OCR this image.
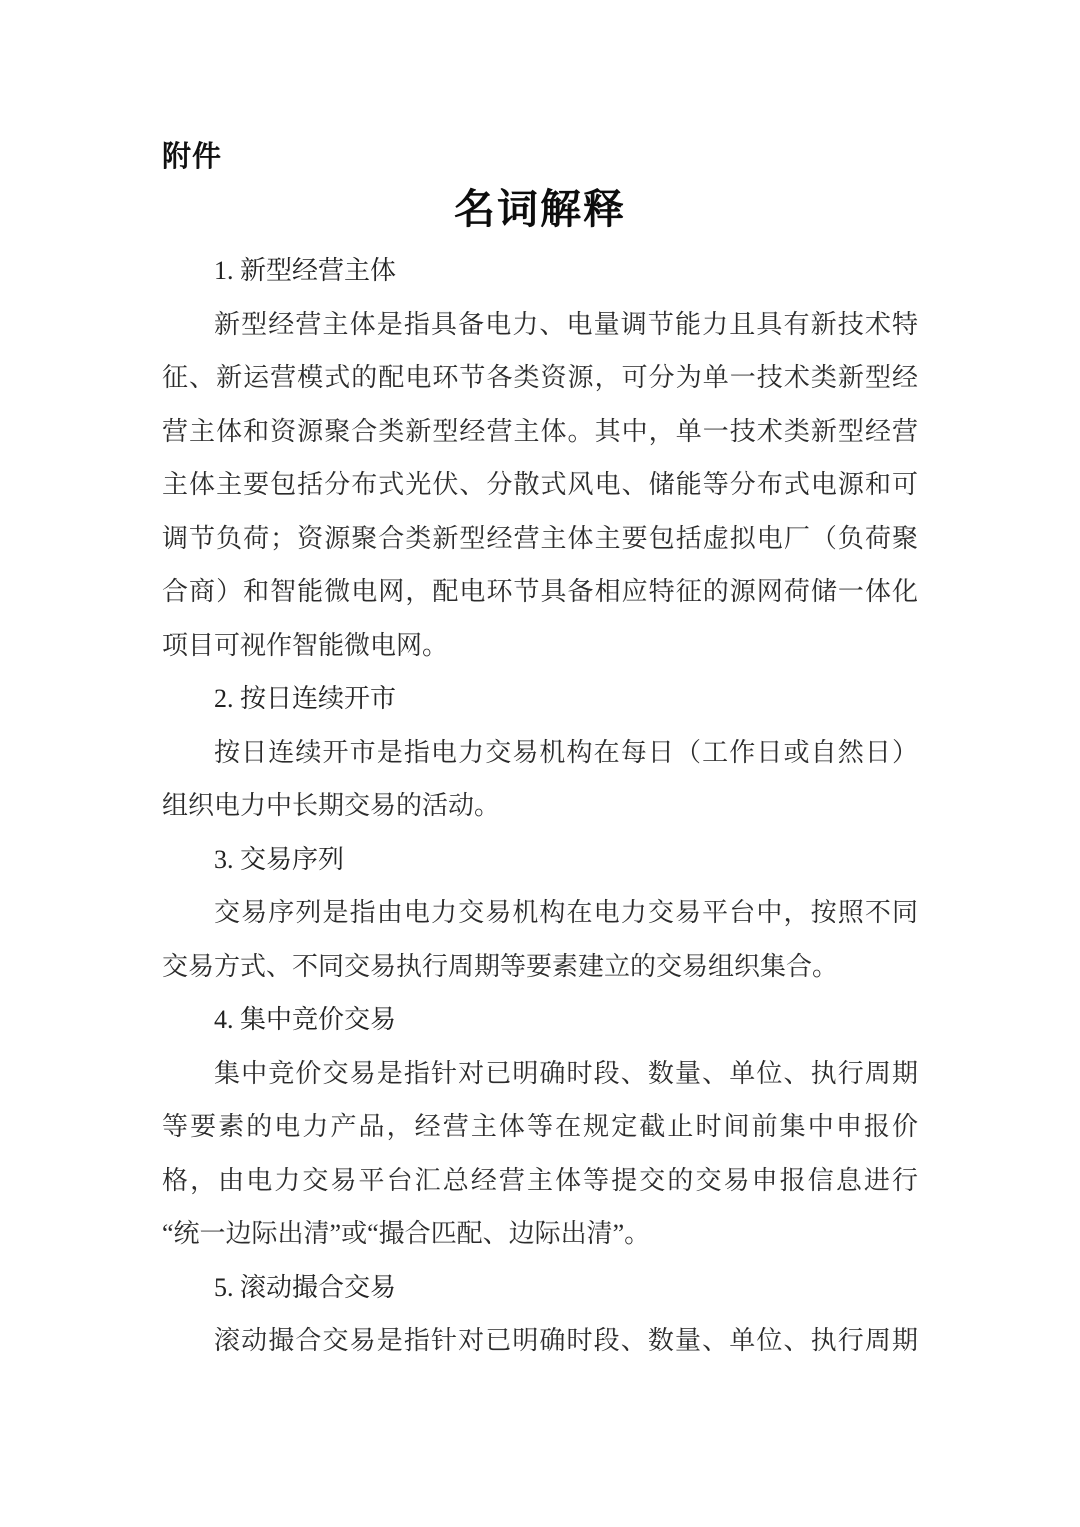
附件
名词解释
1. 新型经营主体
新型经营主体是指具备电力、电量调节能力且具有新技术特
征、新运营模式的配电环节各类资源，可分为单一技术类新型经
营主体和资源聚合类新型经营主体。其中，单一技术类新型经营
主体主要包括分布式光伏、分散式风电、储能等分布式电源和可
调节负荷；资源聚合类新型经营主体主要包括虚拟电厂（负荷聚
合商）和智能微电网，配电环节具备相应特征的源网荷储一体化
项目可视作智能微电网。
2. 按日连续开市
按日连续开市是指电力交易机构在每日（工作日或自然日）
组织电力中长期交易的活动。
3. 交易序列
交易序列是指由电力交易机构在电力交易平台中，按照不同
交易方式、不同交易执行周期等要素建立的交易组织集合。
4. 集中竞价交易
集中竞价交易是指针对已明确时段、数量、单位、执行周期
等要素的电力产品，经营主体等在规定截止时间前集中申报价
格，由电力交易平台汇总经营主体等提交的交易申报信息进行
“统一边际出清”或“撮合匹配、边际出清”。
5. 滚动撮合交易
滚动撮合交易是指针对已明确时段、数量、单位、执行周期
